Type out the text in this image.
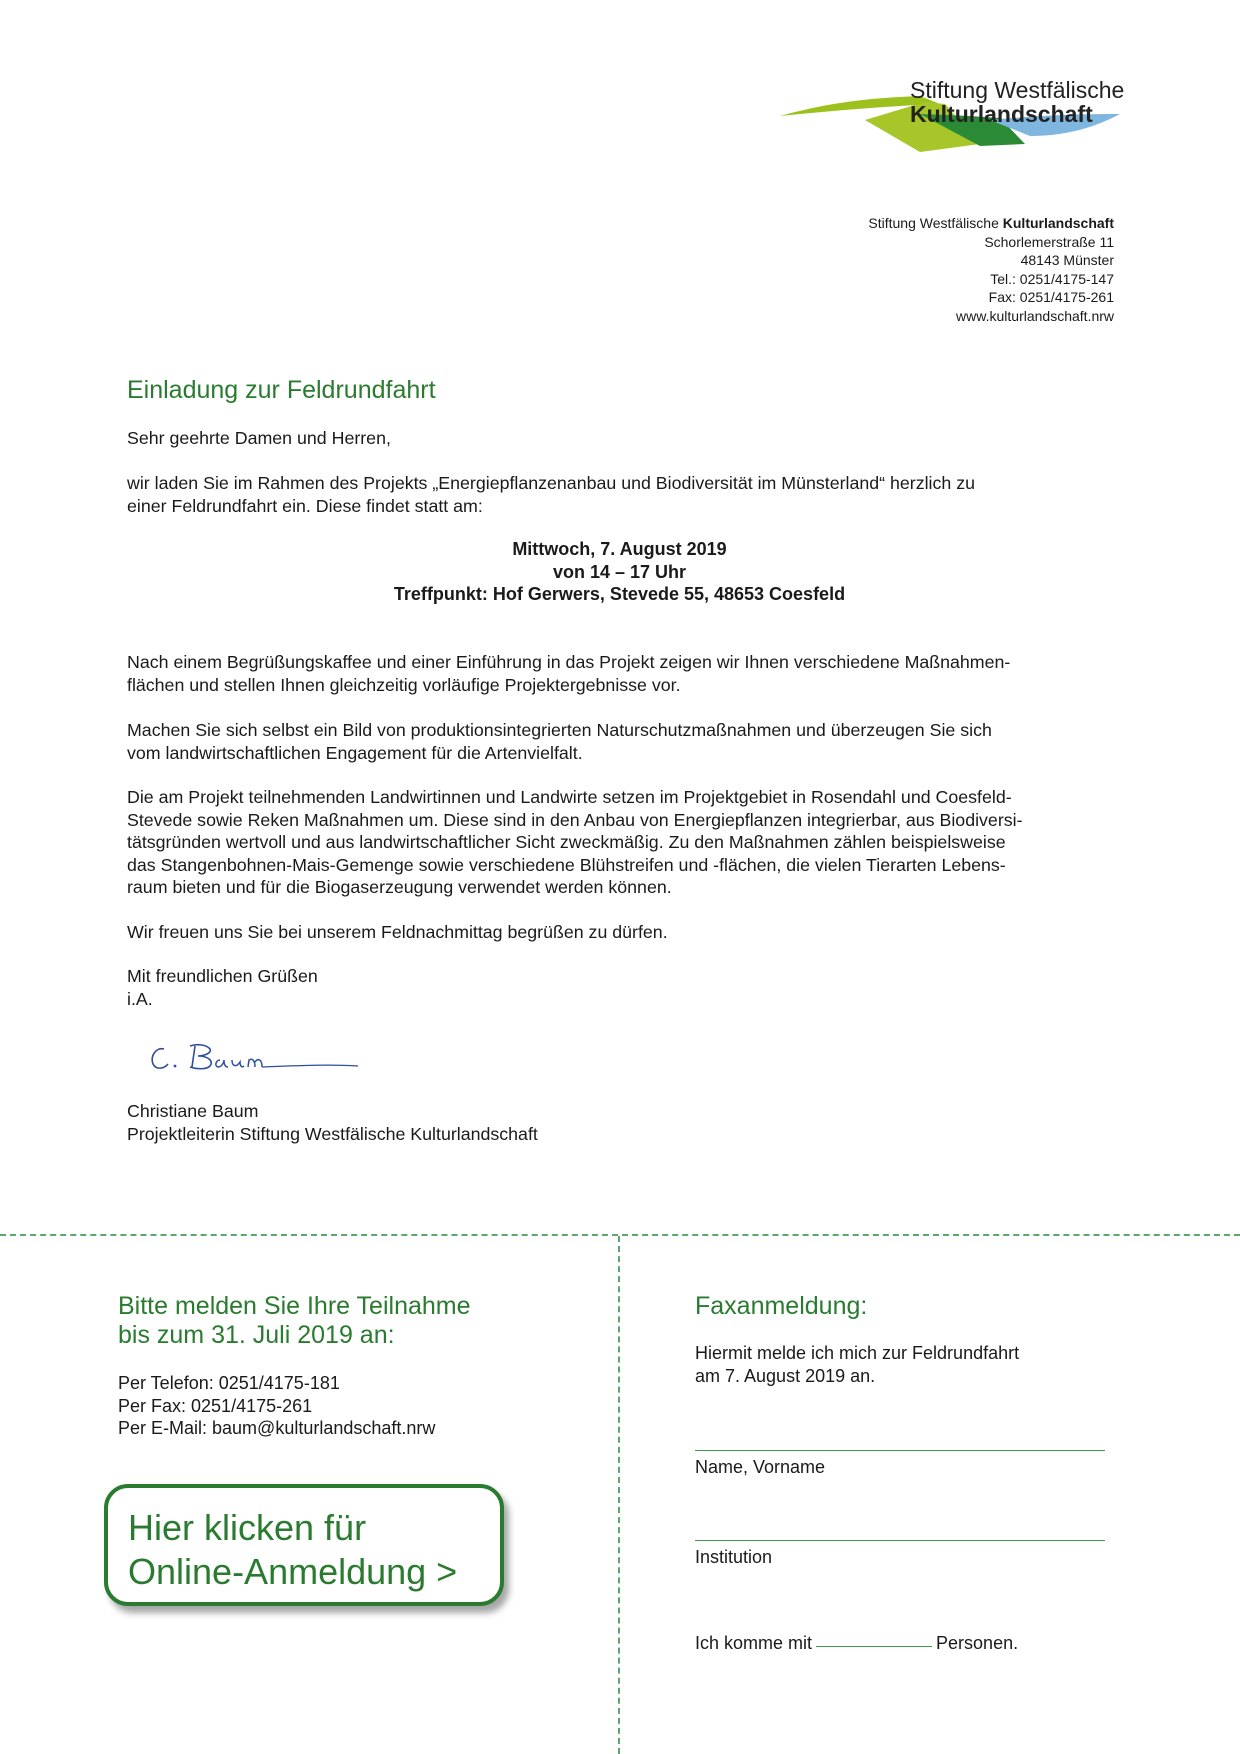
Stiftung Westfälische
Kulturlandschaft
Stiftung Westfälische Kulturlandschaft
Schorlemerstraße 11
48143 Münster
Tel.: 0251/4175-147
Fax: 0251/4175-261
www.kulturlandschaft.nrw
Einladung zur Feldrundfahrt
Sehr geehrte Damen und Herren,
wir laden Sie im Rahmen des Projekts „Energiepflanzenanbau und Biodiversität im Münsterland“ herzlich zu
einer Feldrundfahrt ein. Diese findet statt am:
Mittwoch, 7. August 2019
von 14 – 17 Uhr
Treffpunkt: Hof Gerwers, Stevede 55, 48653 Coesfeld
Nach einem Begrüßungskaffee und einer Einführung in das Projekt zeigen wir Ihnen verschiedene Maßnahmen-
flächen und stellen Ihnen gleichzeitig vorläufige Projektergebnisse vor.
Machen Sie sich selbst ein Bild von produktionsintegrierten Naturschutzmaßnahmen und überzeugen Sie sich
vom landwirtschaftlichen Engagement für die Artenvielfalt.
Die am Projekt teilnehmenden Landwirtinnen und Landwirte setzen im Projektgebiet in Rosendahl und Coesfeld-
Stevede sowie Reken Maßnahmen um. Diese sind in den Anbau von Energiepflanzen integrierbar, aus Biodiversi-
tätsgründen wertvoll und aus landwirtschaftlicher Sicht zweckmäßig. Zu den Maßnahmen zählen beispielsweise
das Stangenbohnen-Mais-Gemenge sowie verschiedene Blühstreifen und -flächen, die vielen Tierarten Lebens-
raum bieten und für die Biogaserzeugung verwendet werden können.
Wir freuen uns Sie bei unserem Feldnachmittag begrüßen zu dürfen.
Mit freundlichen Grüßen
i.A.
Christiane Baum
Projektleiterin Stiftung Westfälische Kulturlandschaft
Bitte melden Sie Ihre Teilnahme
bis zum 31. Juli 2019 an:
Per Telefon: 0251/4175-181
Per Fax: 0251/4175-261
Per E-Mail: baum@kulturlandschaft.nrw
Hier klicken für
Online-Anmeldung >
Faxanmeldung:
Hiermit melde ich mich zur Feldrundfahrt
am 7. August 2019 an.
Name, Vorname
Institution
Ich komme mit	Personen.
